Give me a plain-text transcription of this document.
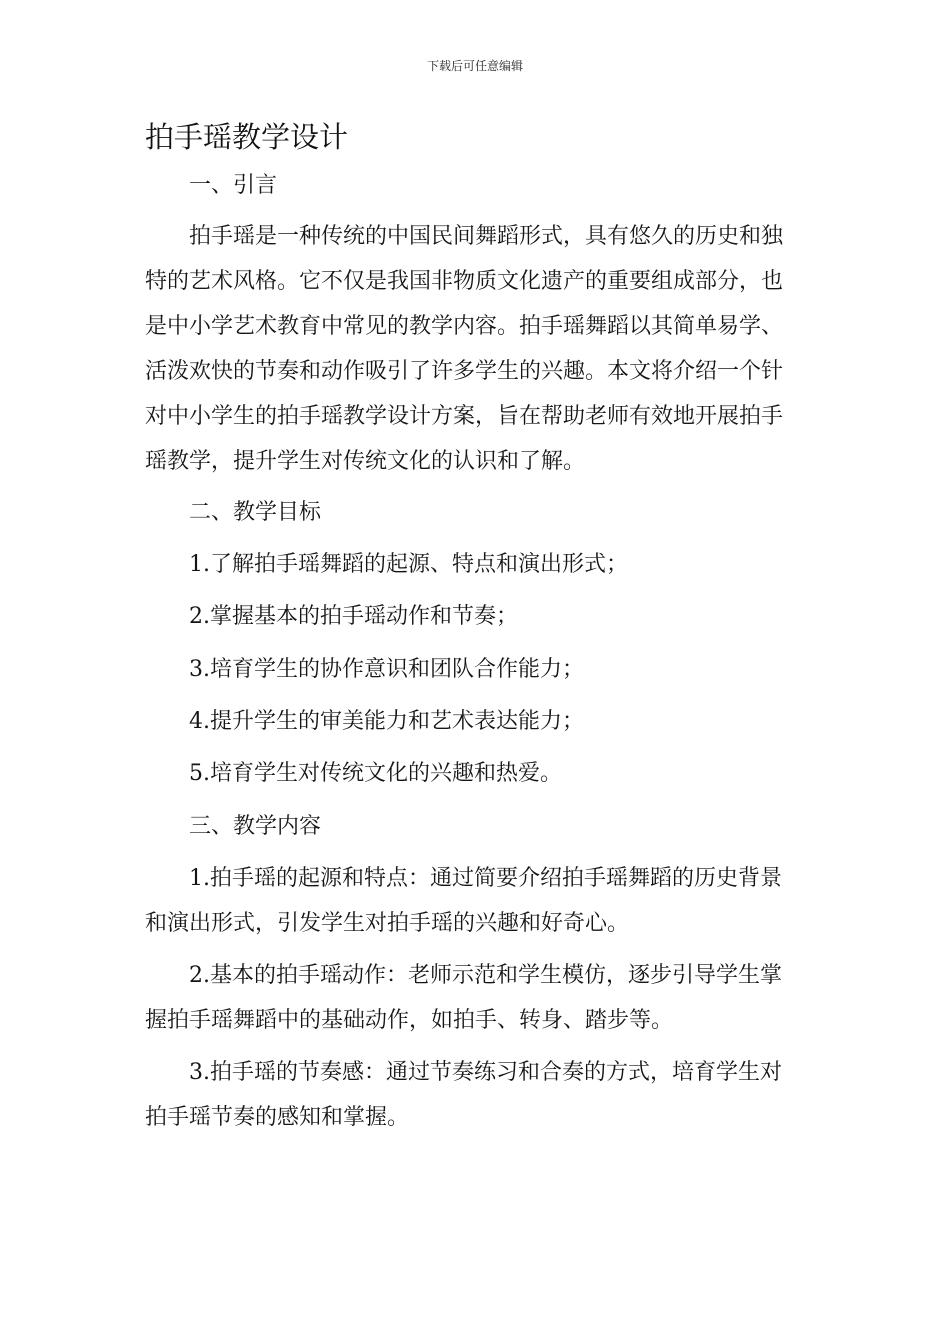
下载后可任意编辑
拍手瑶教学设计
一、引言
拍手瑶是一种传统的中国民间舞蹈形式，具有悠久的历史和独
特的艺术风格。它不仅是我国非物质文化遗产的重要组成部分，也
是中小学艺术教育中常见的教学内容。拍手瑶舞蹈以其简单易学、
活泼欢快的节奏和动作吸引了许多学生的兴趣。本文将介绍一个针
对中小学生的拍手瑶教学设计方案，旨在帮助老师有效地开展拍手
瑶教学，提升学生对传统文化的认识和了解。
二、教学目标
1.了解拍手瑶舞蹈的起源、特点和演出形式；
2.掌握基本的拍手瑶动作和节奏；
3.培育学生的协作意识和团队合作能力；
4.提升学生的审美能力和艺术表达能力；
5.培育学生对传统文化的兴趣和热爱。
三、教学内容
1.拍手瑶的起源和特点：通过简要介绍拍手瑶舞蹈的历史背景
和演出形式，引发学生对拍手瑶的兴趣和好奇心。
2.基本的拍手瑶动作：老师示范和学生模仿，逐步引导学生掌
握拍手瑶舞蹈中的基础动作，如拍手、转身、踏步等。
3.拍手瑶的节奏感：通过节奏练习和合奏的方式，培育学生对
拍手瑶节奏的感知和掌握。
